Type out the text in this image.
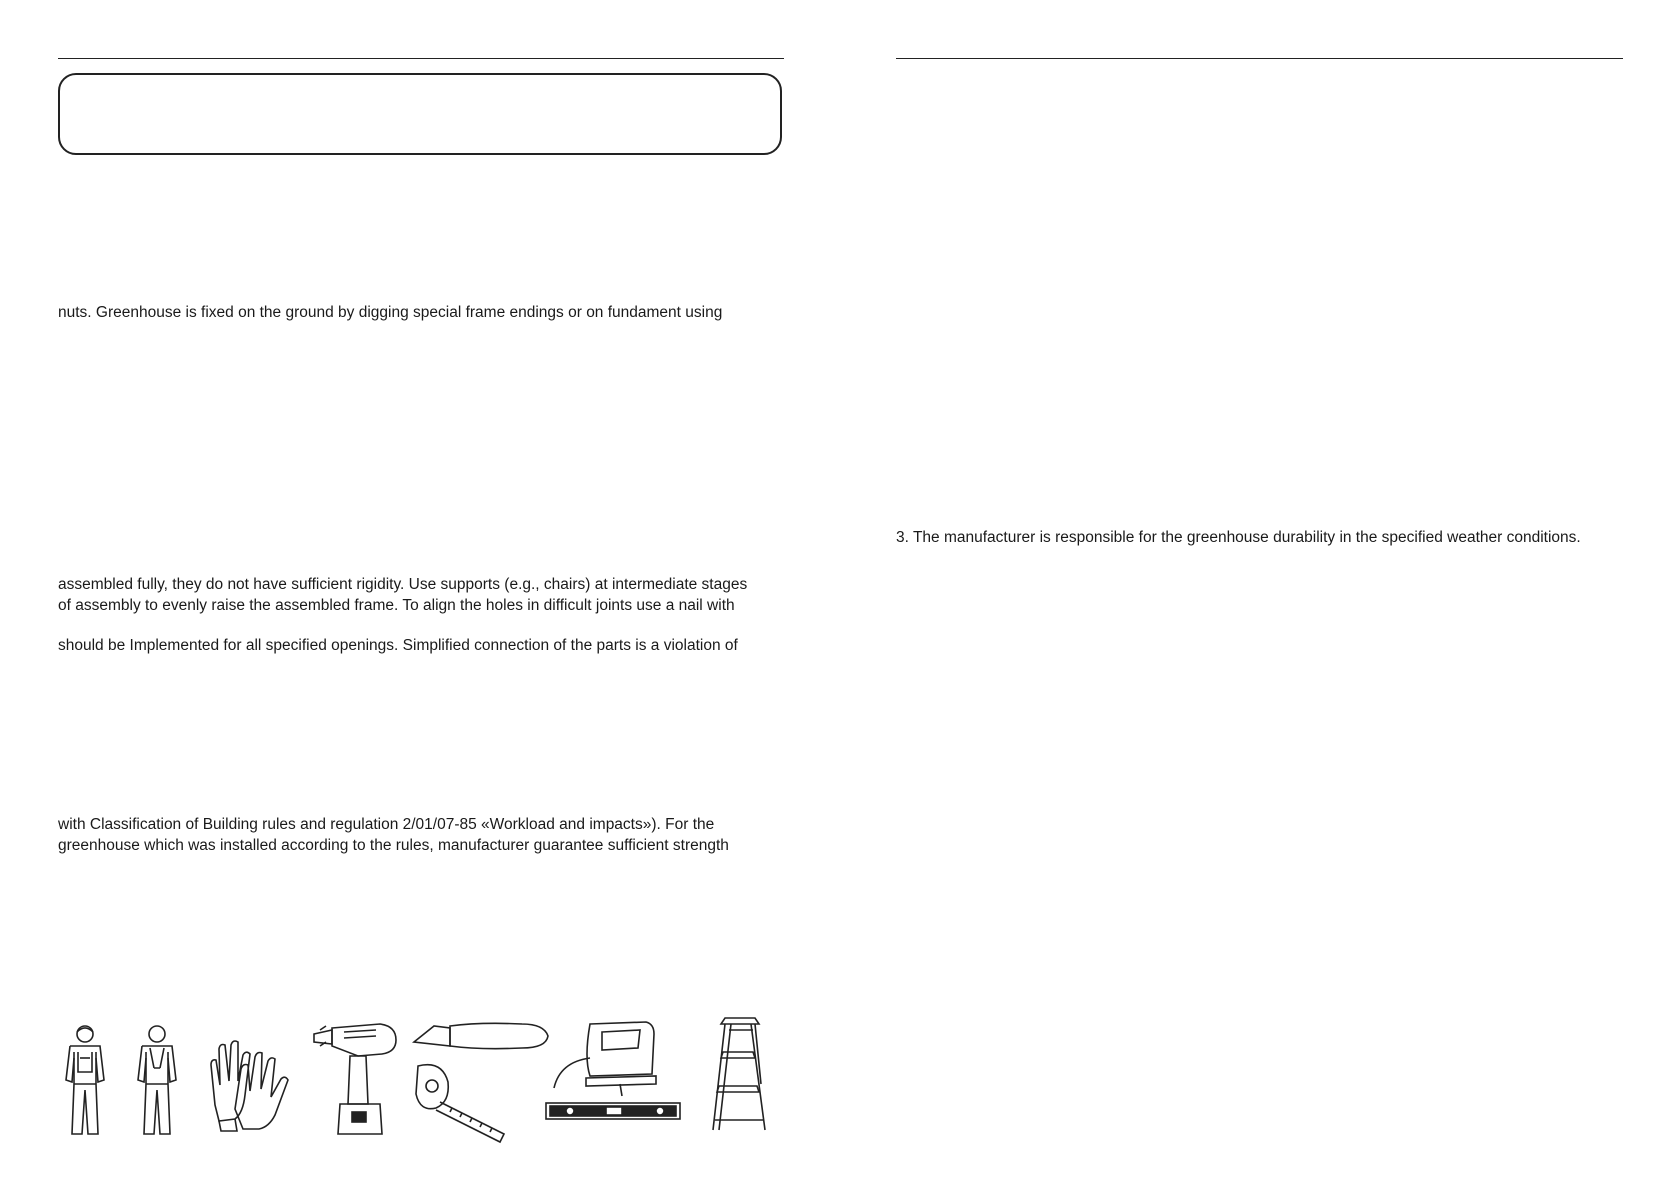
nuts. Greenhouse is fixed on the ground by digging special frame endings or on fundament using
assembled fully, they do not have sufficient rigidity. Use supports (e.g., chairs) at intermediate stages
of assembly to evenly raise the assembled frame. To align the holes in difficult joints use a nail with
should be Implemented for all specified openings. Simplified connection of the parts is a violation of
with Classification of Building rules and regulation 2/01/07-85 «Workload and impacts»). For the
greenhouse which was installed according to the rules, manufacturer guarantee sufficient strength
3. The manufacturer is responsible for the greenhouse durability in the specified weather conditions.
